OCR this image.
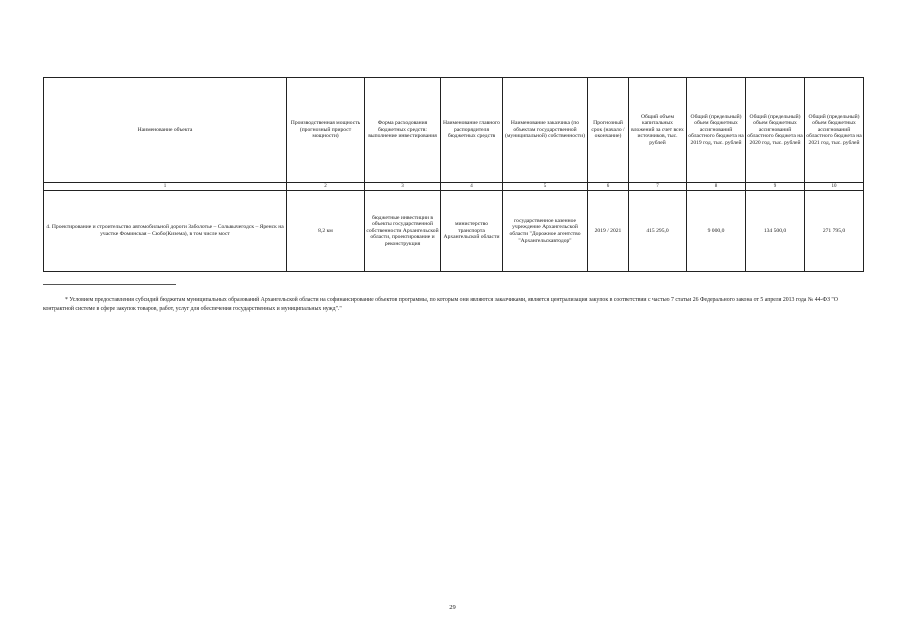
Наименование объекта	Производственная мощность (прогнозный прирост мощности)	Форма расходования бюджетных средств: выполнение инвестирования	Наименование главного распорядителя бюджетных средств	Наименование заказчика (по объектам государственной (муниципальной) собственности)	Прогнозный срок (начало / окончание)	Общий объем капитальных вложений за счет всех источников, тыс. рублей	Общий (предельный) объем бюджетных ассигнований областного бюджета на 2019 год, тыс. рублей	Общий (предельный) объем бюджетных ассигнований областного бюджета на 2020 год, тыс. рублей	Общий (предельный) объем бюджетных ассигнований областного бюджета на 2021 год, тыс. рублей
1	2	3	4	5	6	7	8	9	10
4. Проектирование и строительство автомобильной дороги Заболотье – Сольвычегодск – Яренск на участке Фоминская – Сюбо(Кизема), в том числе мост	8,2 км	бюджетные инвестиции в объекты государственной собственности Архангельской области, проектирование и реконструкция	министерство транспорта Архангельской области	государственное казенное учреждение Архангельской области "Дорожное агентство "Архангельскавтодор"	2019 / 2021	415 295,0	9 000,0	134 500,0	271 795,0

* Условием предоставления субсидий бюджетам муниципальных образований Архангельской области на софинансирование объектов программы, по которым они являются заказчиками, является централизация закупок в соответствии с частью 7 статьи 26 Федерального закона от 5 апреля 2013 года № 44-ФЗ "О контрактной системе в сфере закупок товаров, работ, услуг для обеспечения государственных и муниципальных нужд"."

29
